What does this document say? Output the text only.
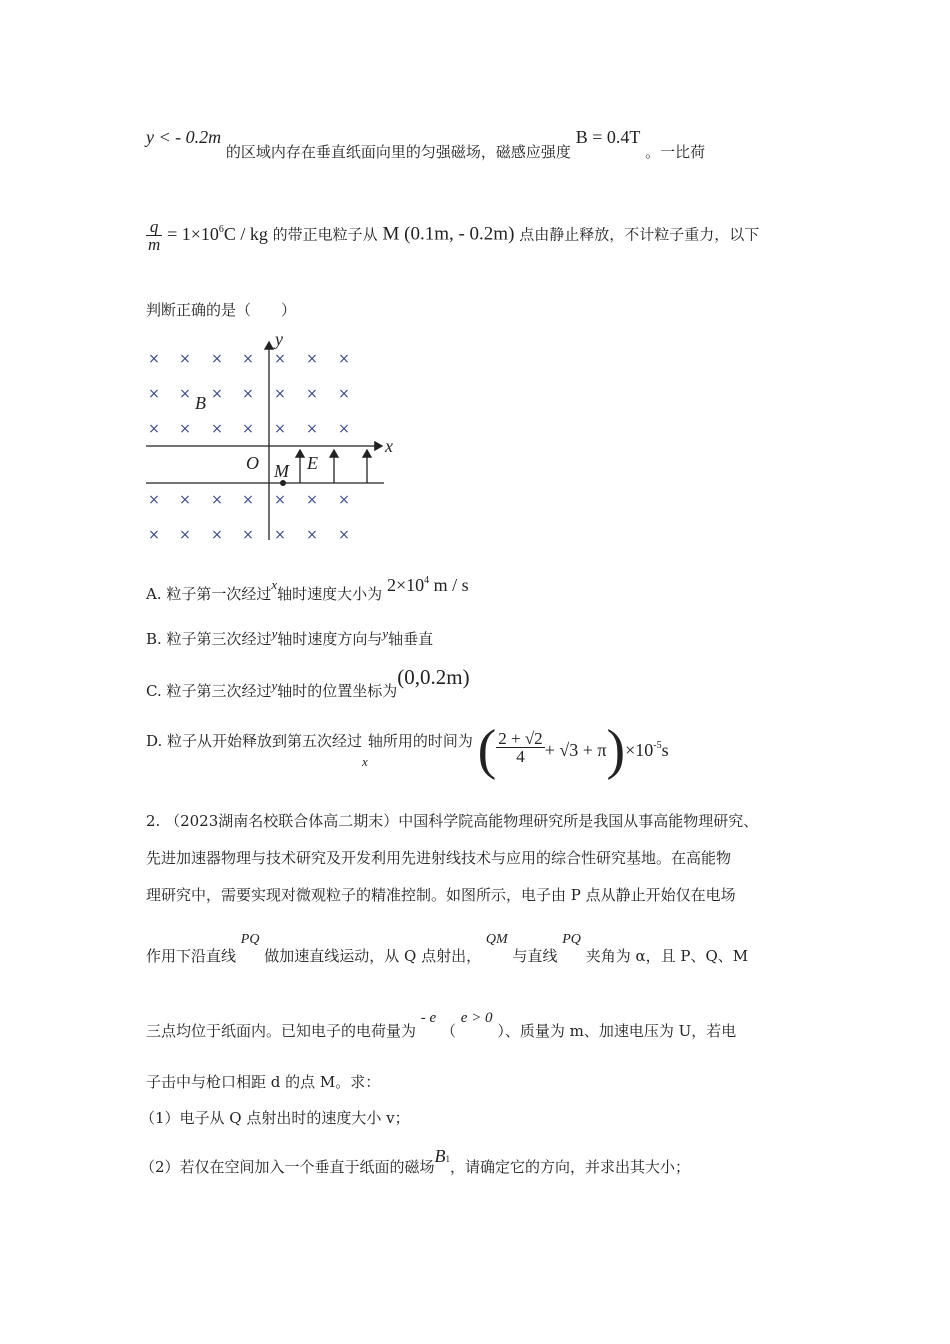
y < - 0.2m 的区域内存在垂直纸面向里的匀强磁场，磁感应强度 B = 0.4T 。一比荷
$\frac{q}{m} = 1\times 10^6C$ / kg 的带正电粒子从 M (0.1m, - 0.2m) 点由静止释放，不计粒子重力，以下
判断正确的是（　　）
× × × × × × ×
× × × × × × ×
× × × × × × ×
× × × × × × ×
× × × × × × ×
y
x
O
B
M E
A. 粒子第一次经过x轴时速度大小为 $2\times 10^4$ m / s
B. 粒子第三次经过y轴时速度方向与y轴垂直
C. 粒子第三次经过y轴时的位置坐标为(0,0.2m)
D. 粒子从开始释放到第五次经过x轴所用的时间为 ( $\frac{2 + √2}{4} + √3 + \pi)\times 10^{-5}s$
2. （2023湖南名校联合体高二期末）中国科学院高能物理研究所是我国从事高能物理研究、
先进加速器物理与技术研究及开发利用先进射线技术与应用的综合性研究基地。在高能物
理研究中，需要实现对微观粒子的精准控制。如图所示，电子由 P 点从静止开始仅在电场
作用下沿直线 PQ 做加速直线运动，从 Q 点射出， QM 与直线 PQ 夹角为 α，且 P、Q、M
三点均位于纸面内。已知电子的电荷量为 - e （ e > 0 ）、质量为 m、加速电压为 U，若电
子击中与枪口相距 d 的点 M。求：
（1）电子从 Q 点射出时的速度大小 v；
（2）若仅在空间加入一个垂直于纸面的磁场B1，请确定它的方向，并求出其大小；
